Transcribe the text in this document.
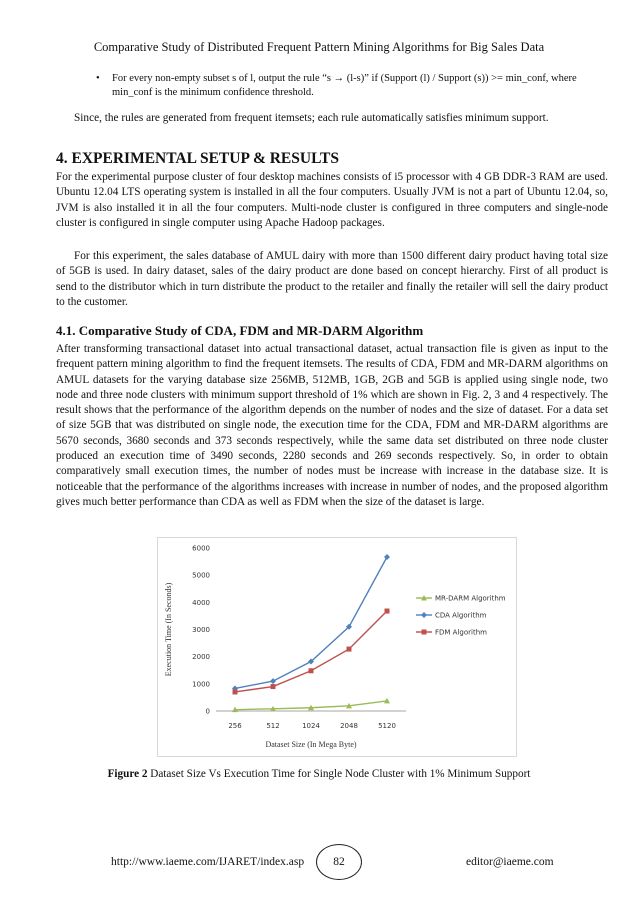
Comparative Study of Distributed Frequent Pattern Mining Algorithms for Big Sales Data
• For every non-empty subset s of l, output the rule “s → (l-s)” if (Support (l) / Support (s)) >= min_conf, where min_conf is the minimum confidence threshold.

Since, the rules are generated from frequent itemsets; each rule automatically satisfies minimum support.

4. EXPERIMENTAL SETUP & RESULTS

For the experimental purpose cluster of four desktop machines consists of i5 processor with 4 GB DDR-3 RAM are used. Ubuntu 12.04 LTS operating system is installed in all the four computers. Usually JVM is not a part of Ubuntu 12.04, so, JVM is also installed it in all the four computers. Multi-node cluster is configured in three computers and single-node cluster is configured in single computer using Apache Hadoop packages.

For this experiment, the sales database of AMUL dairy with more than 1500 different dairy product having total size of 5GB is used. In dairy dataset, sales of the dairy product are done based on concept hierarchy. First of all product is send to the distributor which in turn distribute the product to the retailer and finally the retailer will sell the dairy product to the customer.

4.1. Comparative Study of CDA, FDM and MR-DARM Algorithm

After transforming transactional dataset into actual transactional dataset, actual transaction file is given as input to the frequent pattern mining algorithm to find the frequent itemsets. The results of CDA, FDM and MR-DARM algorithms on AMUL datasets for the varying database size 256MB, 512MB, 1GB, 2GB and 5GB is applied using single node, two node and three node clusters with minimum support threshold of 1% which are shown in Fig. 2, 3 and 4 respectively. The result shows that the performance of the algorithm depends on the number of nodes and the size of dataset. For a data set of size 5GB that was distributed on single node, the execution time for the CDA, FDM and MR-DARM algorithms are 5670 seconds, 3680 seconds and 373 seconds respectively, while the same data set distributed on three node cluster produced an execution time of 3490 seconds, 2280 seconds and 269 seconds respectively. So, in order to obtain comparatively small execution times, the number of nodes must be increase with increase in the database size. It is noticeable that the performance of the algorithms increases with increase in number of nodes, and the proposed algorithm gives much better performance than CDA as well as FDM when the size of the dataset is large.

0
1000
2000
3000
4000
5000
6000
256	512	1024	2048	5120
Dataset Size (In Mega Byte)
Execution Time (In Seconds)	MR-DARM Algorithm
CDA Algorithm
FDM Algorithm
Figure 2 Dataset Size Vs Execution Time for Single Node Cluster with 1% Minimum Support
http://www.iaeme.com/IJARET/index.asp	82	editor@iaeme.com
